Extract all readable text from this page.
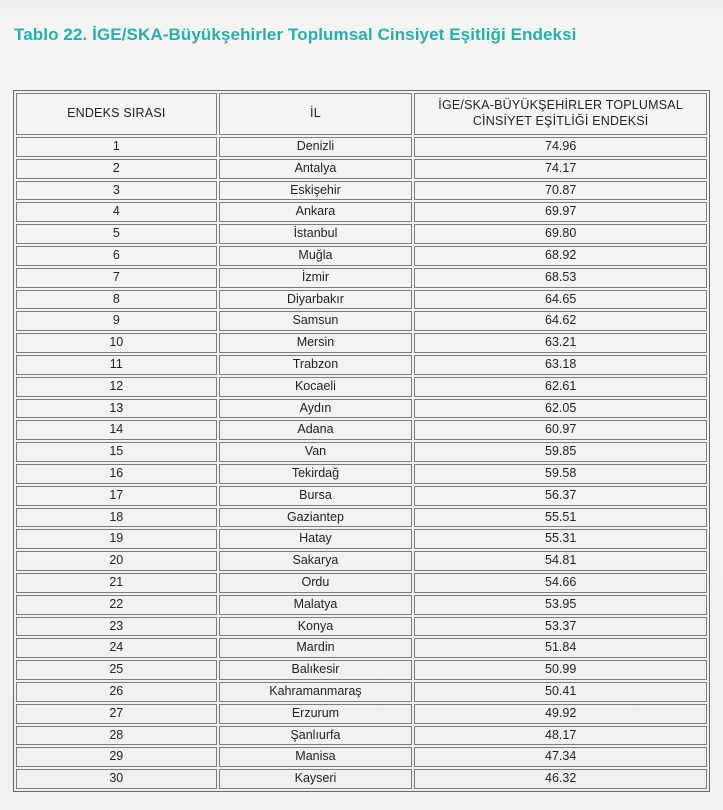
Tablo 22. İGE/SKA-Büyükşehirler Toplumsal Cinsiyet Eşitliği Endeksi
ENDEKS SIRASI	İL	İGE/SKA-BÜYÜKŞEHİRLER TOPLUMSAL CİNSİYET EŞİTLİĞİ ENDEKSİ
1	Denizli	74.96
2	Antalya	74.17
3	Eskişehir	70.87
4	Ankara	69.97
5	İstanbul	69.80
6	Muğla	68.92
7	İzmir	68.53
8	Diyarbakır	64.65
9	Samsun	64.62
10	Mersin	63.21
11	Trabzon	63.18
12	Kocaeli	62.61
13	Aydın	62.05
14	Adana	60.97
15	Van	59.85
16	Tekirdağ	59.58
17	Bursa	56.37
18	Gaziantep	55.51
19	Hatay	55.31
20	Sakarya	54.81
21	Ordu	54.66
22	Malatya	53.95
23	Konya	53.37
24	Mardin	51.84
25	Balıkesir	50.99
26	Kahramanmaraş	50.41
27	Erzurum	49.92
28	Şanlıurfa	48.17
29	Manisa	47.34
30	Kayseri	46.32
